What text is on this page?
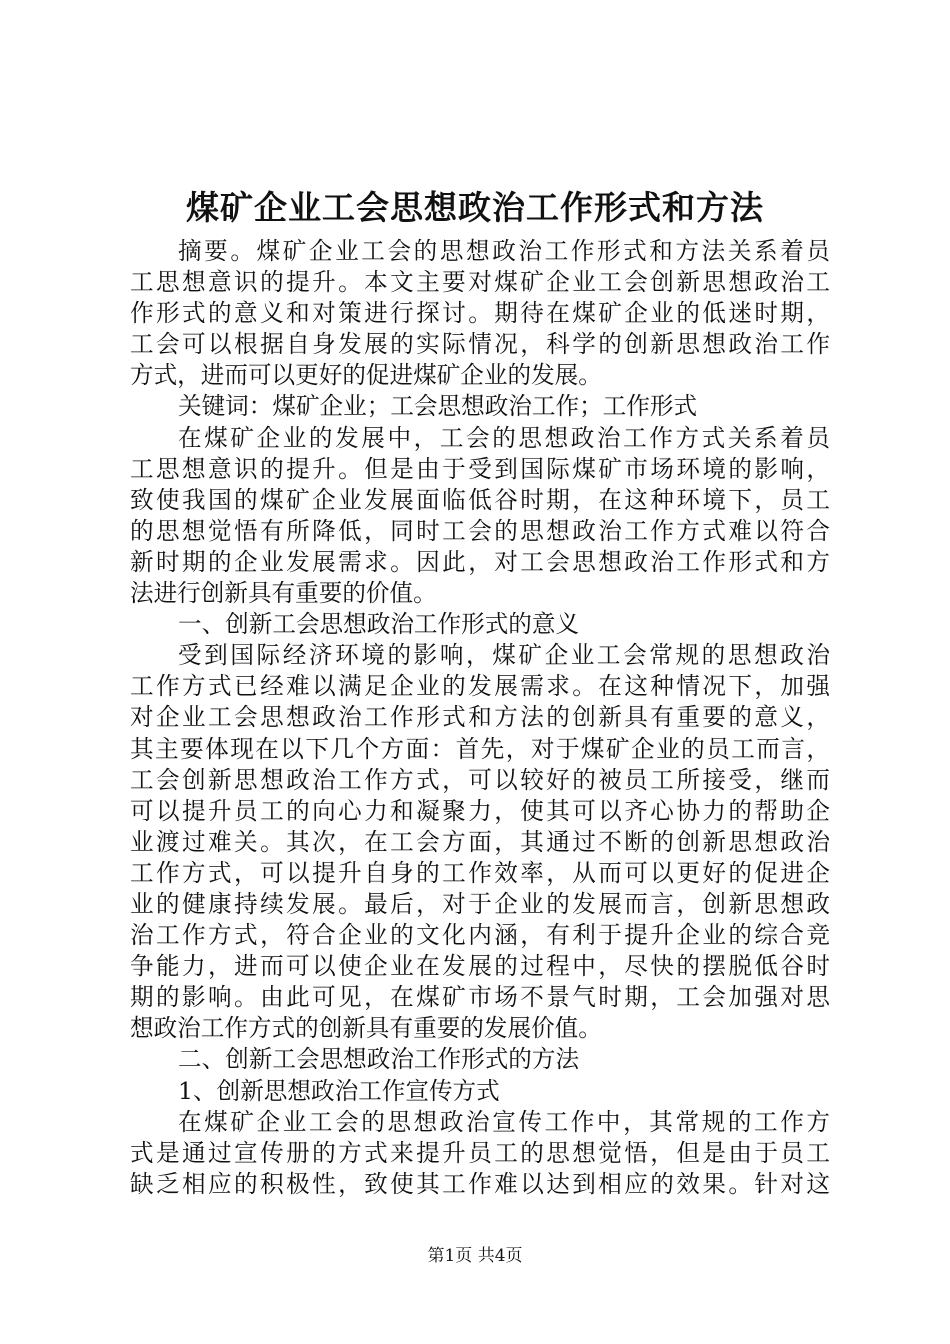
煤矿企业工会思想政治工作形式和方法
摘要。煤矿企业工会的思想政治工作形式和方法关系着员
工思想意识的提升。本文主要对煤矿企业工会创新思想政治工
作形式的意义和对策进行探讨。期待在煤矿企业的低迷时期，
工会可以根据自身发展的实际情况，科学的创新思想政治工作
方式，进而可以更好的促进煤矿企业的发展。
关键词：煤矿企业；工会思想政治工作；工作形式
在煤矿企业的发展中，工会的思想政治工作方式关系着员
工思想意识的提升。但是由于受到国际煤矿市场环境的影响，
致使我国的煤矿企业发展面临低谷时期，在这种环境下，员工
的思想觉悟有所降低，同时工会的思想政治工作方式难以符合
新时期的企业发展需求。因此，对工会思想政治工作形式和方
法进行创新具有重要的价值。
一、创新工会思想政治工作形式的意义
受到国际经济环境的影响，煤矿企业工会常规的思想政治
工作方式已经难以满足企业的发展需求。在这种情况下，加强
对企业工会思想政治工作形式和方法的创新具有重要的意义，
其主要体现在以下几个方面：首先，对于煤矿企业的员工而言，
工会创新思想政治工作方式，可以较好的被员工所接受，继而
可以提升员工的向心力和凝聚力，使其可以齐心协力的帮助企
业渡过难关。其次，在工会方面，其通过不断的创新思想政治
工作方式，可以提升自身的工作效率，从而可以更好的促进企
业的健康持续发展。最后，对于企业的发展而言，创新思想政
治工作方式，符合企业的文化内涵，有利于提升企业的综合竞
争能力，进而可以使企业在发展的过程中，尽快的摆脱低谷时
期的影响。由此可见，在煤矿市场不景气时期，工会加强对思
想政治工作方式的创新具有重要的发展价值。
二、创新工会思想政治工作形式的方法
1、创新思想政治工作宣传方式
在煤矿企业工会的思想政治宣传工作中，其常规的工作方
式是通过宣传册的方式来提升员工的思想觉悟，但是由于员工
缺乏相应的积极性，致使其工作难以达到相应的效果。针对这
第1页 共4页
